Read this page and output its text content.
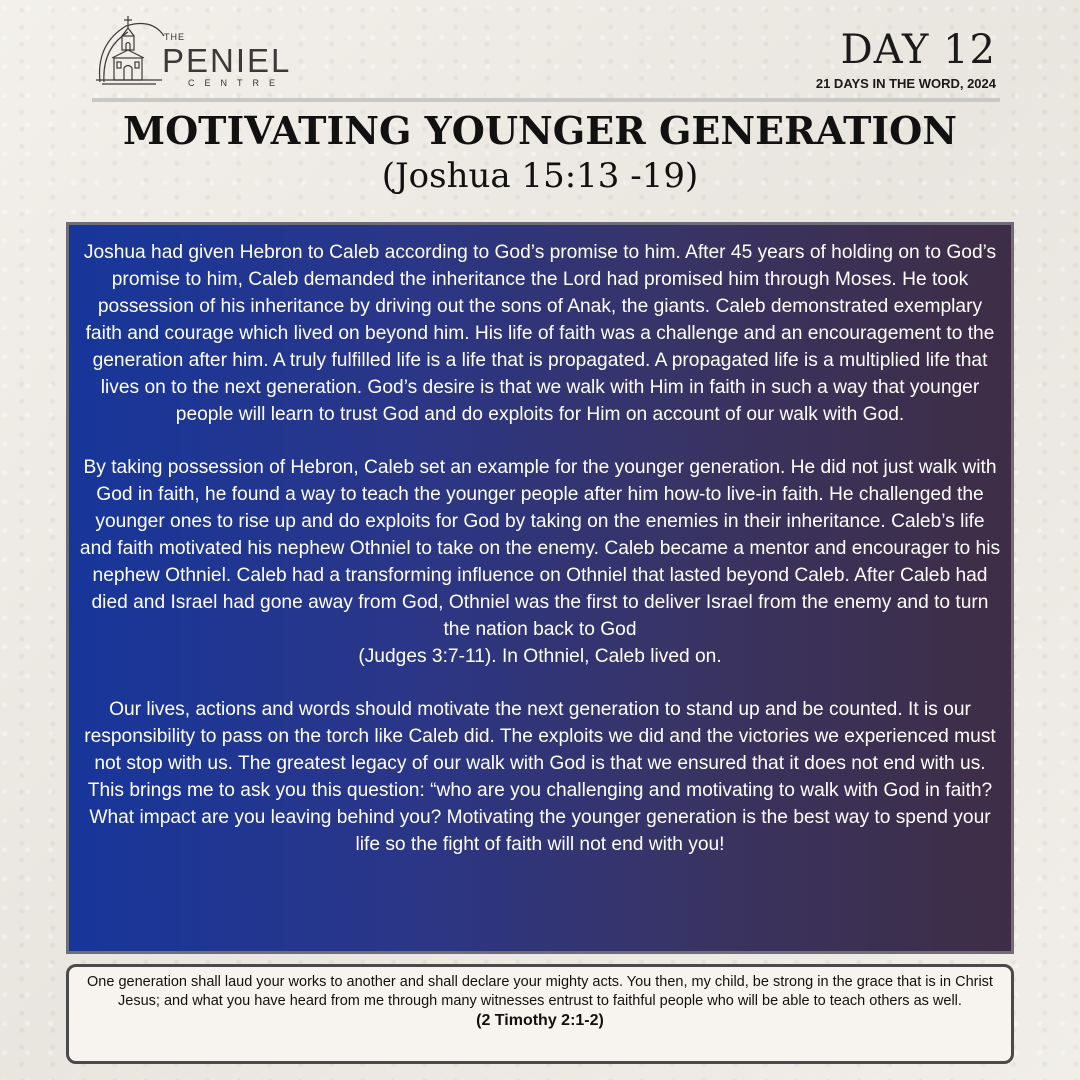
THE
PENIEL
CENTRE
DAY 12
21 DAYS IN THE WORD, 2024
MOTIVATING YOUNGER GENERATION
(Joshua 15:13 -19)

Joshua had given Hebron to Caleb according to God’s promise to him. After 45 years of holding on to God’s promise to him, Caleb demanded the inheritance the Lord had promised him through Moses. He took possession of his inheritance by driving out the sons of Anak, the giants. Caleb demonstrated exemplary faith and courage which lived on beyond him. His life of faith was a challenge and an encouragement to the generation after him. A truly fulfilled life is a life that is propagated. A propagated life is a multiplied life that lives on to the next generation. God’s desire is that we walk with Him in faith in such a way that younger people will learn to trust God and do exploits for Him on account of our walk with God.

By taking possession of Hebron, Caleb set an example for the younger generation. He did not just walk with God in faith, he found a way to teach the younger people after him how-to live-in faith. He challenged the younger ones to rise up and do exploits for God by taking on the enemies in their inheritance. Caleb’s life and faith motivated his nephew Othniel to take on the enemy. Caleb became a mentor and encourager to his nephew Othniel. Caleb had a transforming influence on Othniel that lasted beyond Caleb. After Caleb had died and Israel had gone away from God, Othniel was the first to deliver Israel from the enemy and to turn the nation back to God
(Judges 3:7-11). In Othniel, Caleb lived on.

Our lives, actions and words should motivate the next generation to stand up and be counted. It is our responsibility to pass on the torch like Caleb did. The exploits we did and the victories we experienced must not stop with us. The greatest legacy of our walk with God is that we ensured that it does not end with us. This brings me to ask you this question: “who are you challenging and motivating to walk with God in faith? What impact are you leaving behind you? Motivating the younger generation is the best way to spend your life so the fight of faith will not end with you!

One generation shall laud your works to another and shall declare your mighty acts. You then, my child, be strong in the grace that is in Christ Jesus; and what you have heard from me through many witnesses entrust to faithful people who will be able to teach others as well.

(2 Timothy 2:1-2)
